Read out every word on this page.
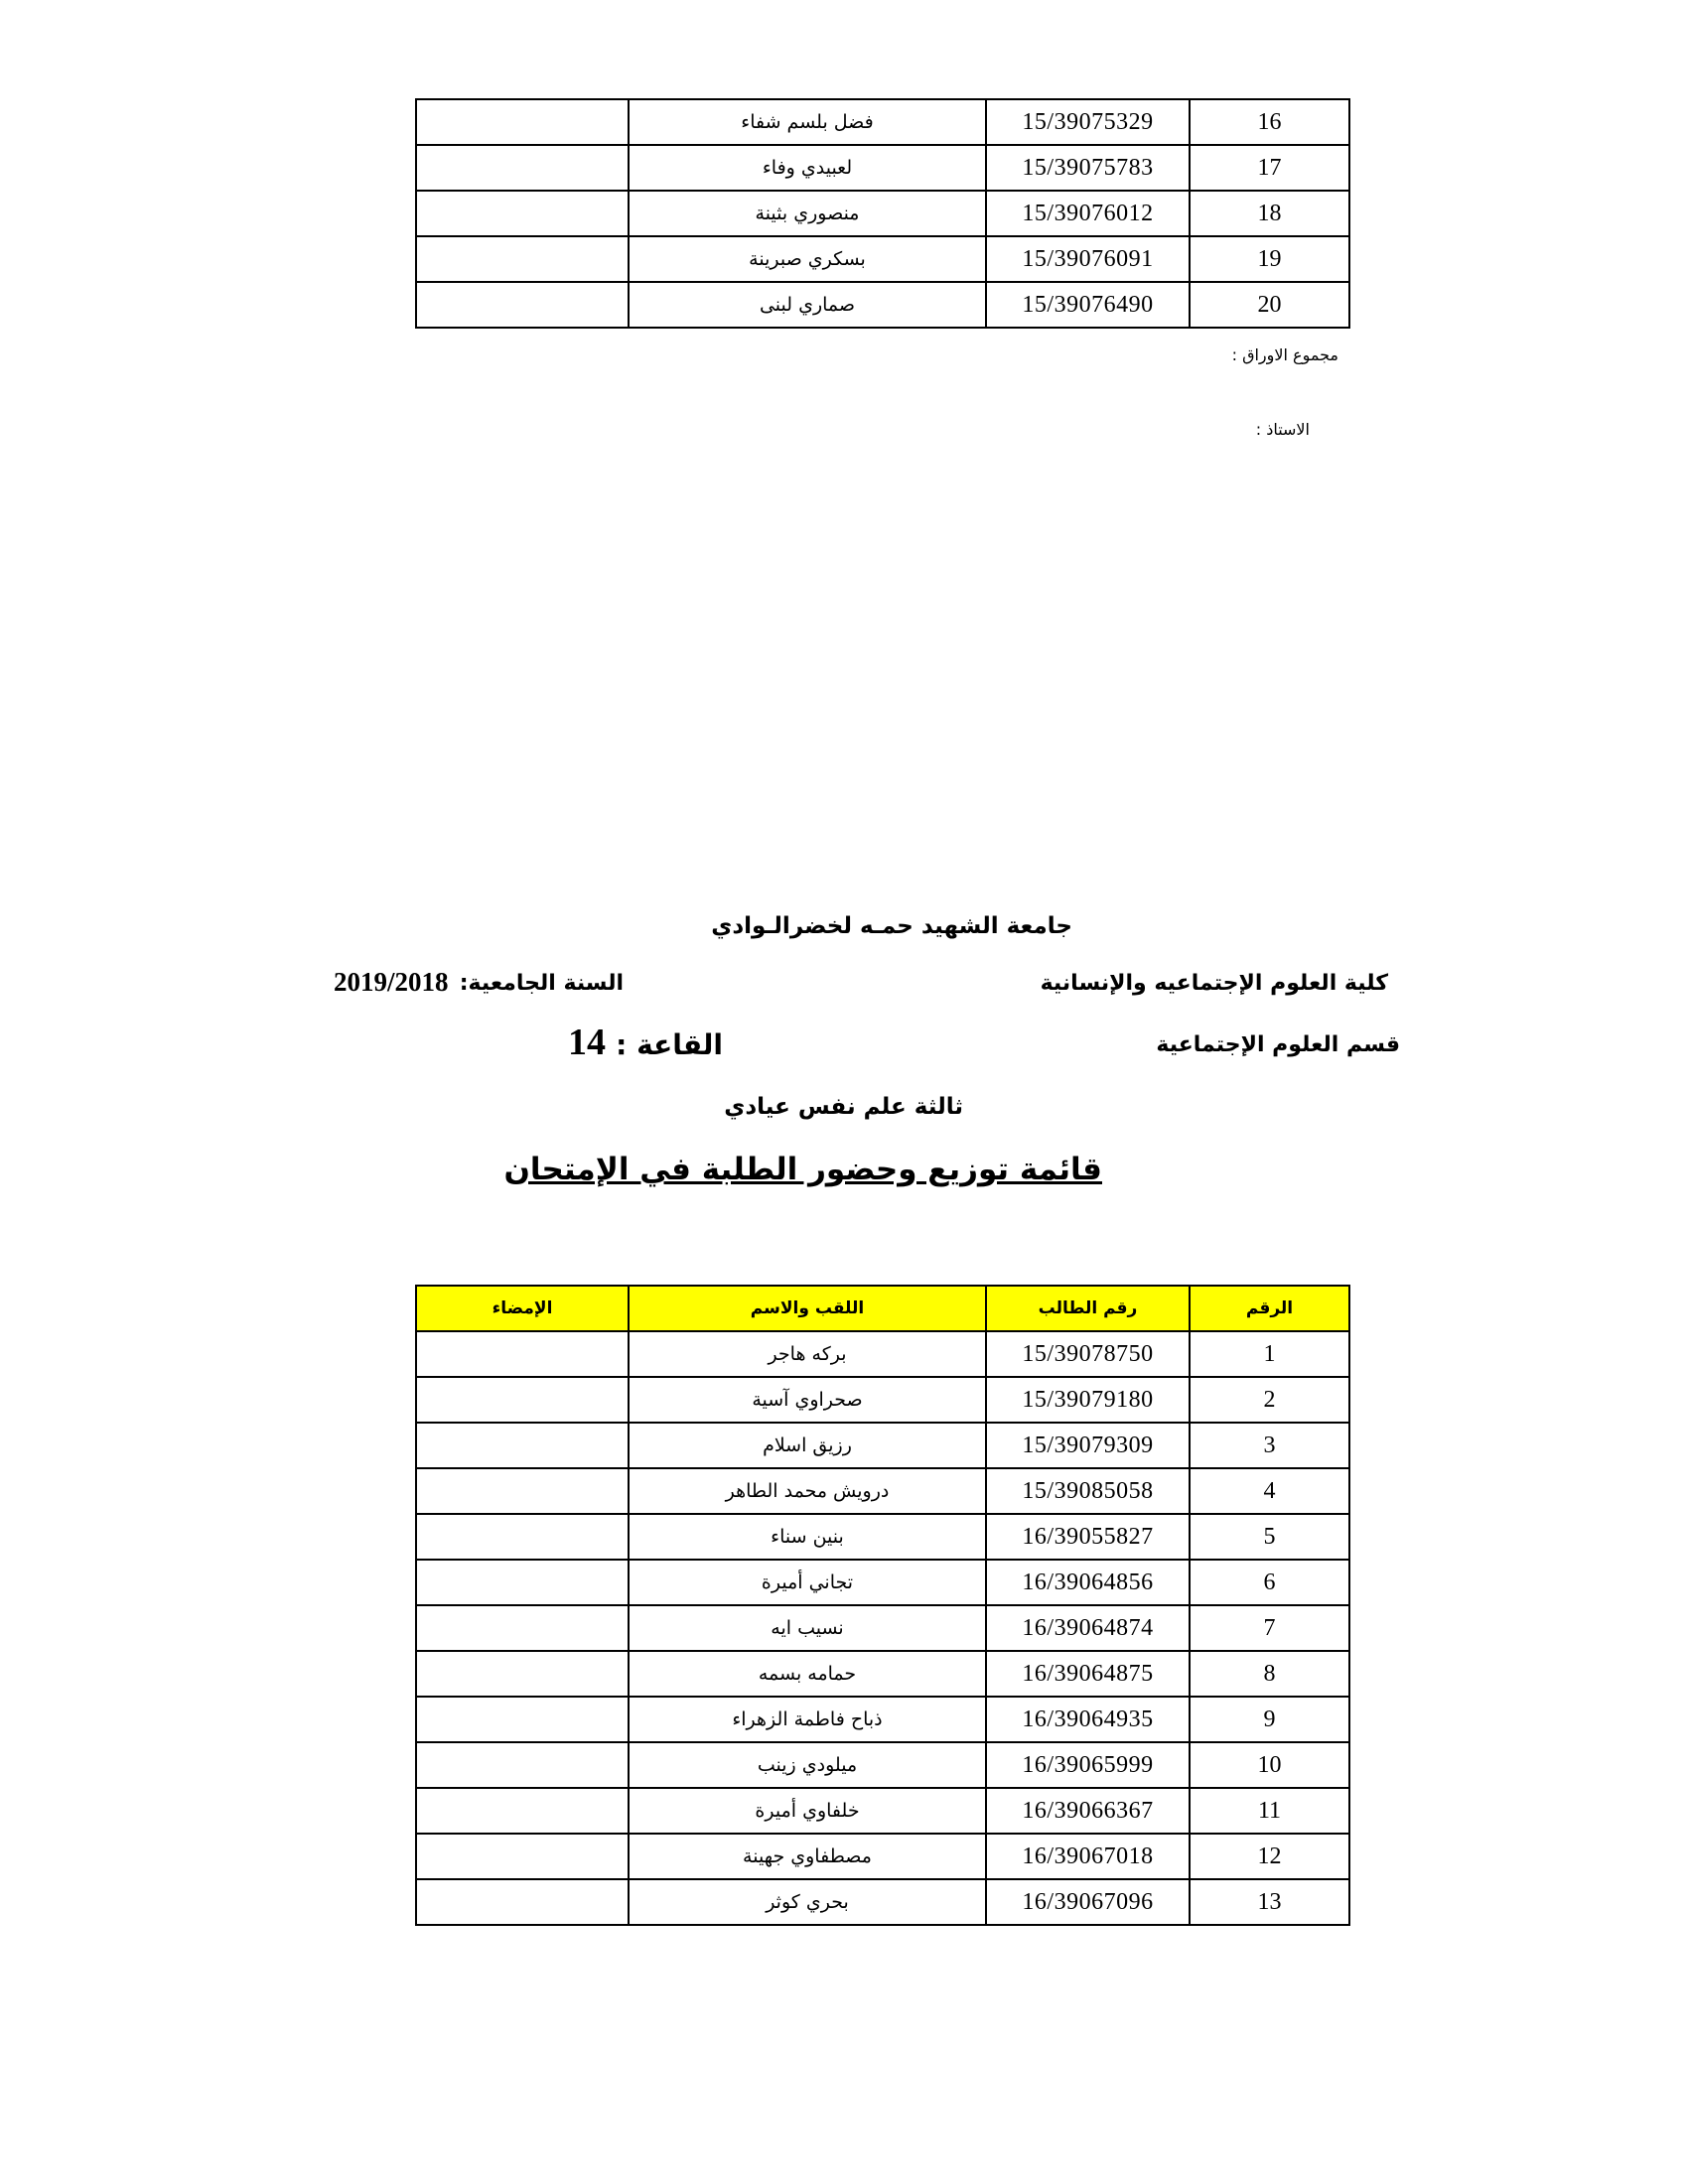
16	15/39075329	فضل بلسم شفاء	
17	15/39075783	لعبيدي وفاء	
18	15/39076012	منصوري بثينة	
19	15/39076091	بسكري صبرينة	
20	15/39076490	صماري لبنى	
مجموع الاوراق :
الاستاذ :
جامعة الشهيد حمـه لخضرالـوادي
كلية العلوم الإجتماعيه والإنسانية
السنة الجامعية:
2019/2018
قسم العلوم الإجتماعية
القاعة :
14
ثالثة علم نفس عيادي
قائمة توزيع وحضور الطلبة في الإمتحان
الرقم	رقم الطالب	اللقب والاسم	الإمضاء
1	15/39078750	بركه هاجر	
2	15/39079180	صحراوي آسية	
3	15/39079309	رزيق اسلام	
4	15/39085058	درويش محمد الطاهر	
5	16/39055827	بنين سناء	
6	16/39064856	تجاني أميرة	
7	16/39064874	نسيب ايه	
8	16/39064875	حمامه بسمه	
9	16/39064935	ذباح فاطمة الزهراء	
10	16/39065999	ميلودي زينب	
11	16/39066367	خلفاوي أميرة	
12	16/39067018	مصطفاوي جهينة	
13	16/39067096	بحري كوثر	
